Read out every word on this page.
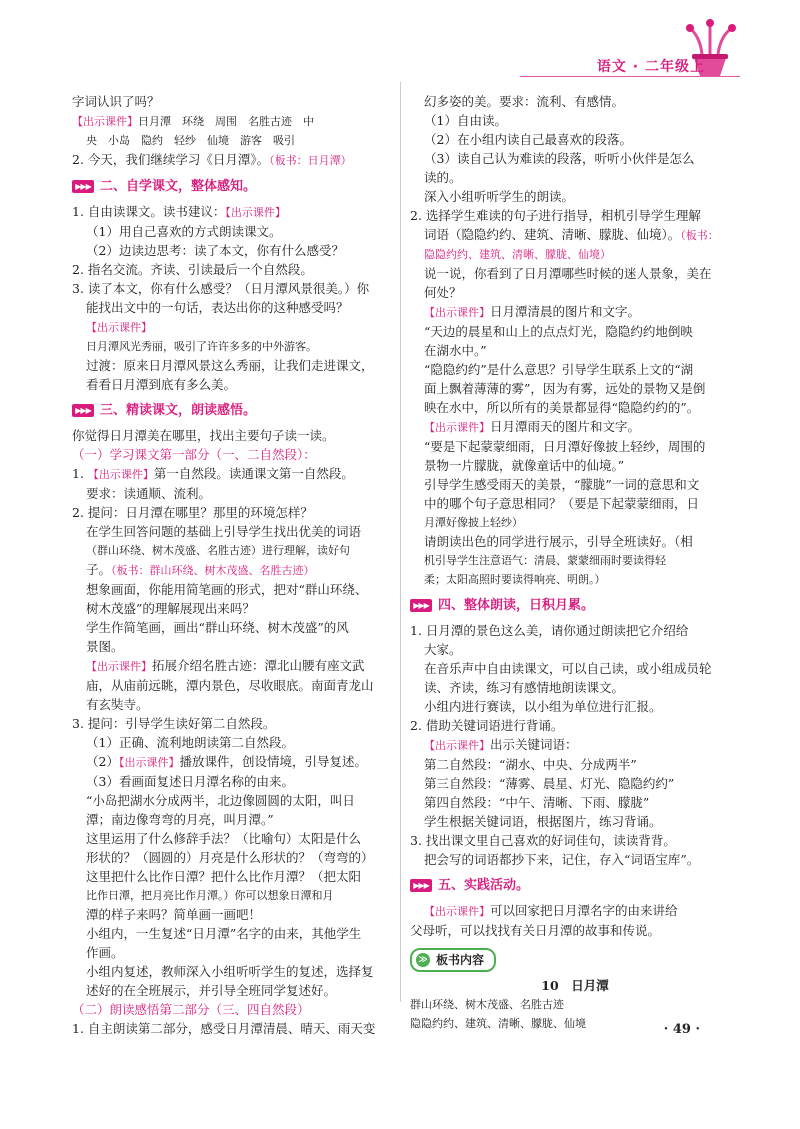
语文 · 二年级上

字词认识了吗？

【出示课件】日月潭　环绕　周围　名胜古迹　中

央　小岛　隐约　轻纱　仙境　游客　吸引

2. 今天，我们继续学习《日月潭》。（板书：日月潭）

▶▶▶ 二、自学课文，整体感知。

1. 自由读课文。读书建议：【出示课件】

（1）用自己喜欢的方式朗读课文。

（2）边读边思考：读了本文，你有什么感受？

2. 指名交流。齐读、引读最后一个自然段。

3. 读了本文，你有什么感受？（日月潭风景很美。）你

能找出文中的一句话，表达出你的这种感受吗？

【出示课件】

日月潭风光秀丽，吸引了许许多多的中外游客。

过渡：原来日月潭风景这么秀丽，让我们走进课文，

看看日月潭到底有多么美。

▶▶▶ 三、精读课文，朗读感悟。

你觉得日月潭美在哪里，找出主要句子读一读。

（一）学习课文第一部分（一、二自然段）：

1. 【出示课件】第一自然段。读通课文第一自然段。

要求：读通顺、流利。

2. 提问：日月潭在哪里？那里的环境怎样？

在学生回答问题的基础上引导学生找出优美的词语

（群山环绕、树木茂盛、名胜古迹）进行理解，读好句

子。（板书：群山环绕、树木茂盛、名胜古迹）

想象画面，你能用简笔画的形式，把对“群山环绕、

树木茂盛”的理解展现出来吗？

学生作简笔画，画出“群山环绕、树木茂盛”的风

景图。

【出示课件】拓展介绍名胜古迹：潭北山腰有座文武

庙，从庙前远眺，潭内景色，尽收眼底。南面青龙山

有玄奘寺。

3. 提问：引导学生读好第二自然段。

（1）正确、流利地朗读第二自然段。

（2）【出示课件】播放课件，创设情境，引导复述。

（3）看画面复述日月潭名称的由来。

“小岛把湖水分成两半，北边像圆圆的太阳，叫日

潭；南边像弯弯的月亮，叫月潭。”

这里运用了什么修辞手法？（比喻句）太阳是什么

形状的？（圆圆的）月亮是什么形状的？（弯弯的）

这里把什么比作日潭？把什么比作月潭？（把太阳

比作日潭，把月亮比作月潭。）你可以想象日潭和月

潭的样子来吗？简单画一画吧！

小组内，一生复述“日月潭”名字的由来，其他学生

作画。

小组内复述，教师深入小组听听学生的复述，选择复

述好的在全班展示，并引导全班同学复述好。

（二）朗读感悟第二部分（三、四自然段）

1. 自主朗读第二部分，感受日月潭清晨、晴天、雨天变

幻多姿的美。要求：流利、有感情。

（1）自由读。

（2）在小组内读自己最喜欢的段落。

（3）读自己认为难读的段落，听听小伙伴是怎么

读的。

深入小组听听学生的朗读。

2. 选择学生难读的句子进行指导，相机引导学生理解

词语（隐隐约约、建筑、清晰、朦胧、仙境）。（板书：

隐隐约约、建筑、清晰、朦胧、仙境）

说一说，你看到了日月潭哪些时候的迷人景象，美在

何处？

【出示课件】日月潭清晨的图片和文字。

“天边的晨星和山上的点点灯光，隐隐约约地倒映

在湖水中。”

“隐隐约约”是什么意思？引导学生联系上文的“湖

面上飘着薄薄的雾”，因为有雾，远处的景物又是倒

映在水中，所以所有的美景都显得“隐隐约约的”。

【出示课件】日月潭雨天的图片和文字。

“要是下起蒙蒙细雨，日月潭好像披上轻纱，周围的

景物一片朦胧，就像童话中的仙境。”

引导学生感受雨天的美景，“朦胧”一词的意思和文

中的哪个句子意思相同？（要是下起蒙蒙细雨，日

月潭好像披上轻纱）

请朗读出色的同学进行展示，引导全班读好。（相

机引导学生注意语气：清晨、蒙蒙细雨时要读得轻

柔；太阳高照时要读得响亮、明朗。）

▶▶▶ 四、整体朗读，日积月累。

1. 日月潭的景色这么美，请你通过朗读把它介绍给

大家。

在音乐声中自由读课文，可以自己读，或小组成员轮

读、齐读，练习有感情地朗读课文。

小组内进行赛读，以小组为单位进行汇报。

2. 借助关键词语进行背诵。

【出示课件】出示关键词语：

第二自然段：“湖水、中央、分成两半”

第三自然段：“薄雾、晨星、灯光、隐隐约约”

第四自然段：“中午、清晰、下雨、朦胧”

学生根据关键词语，根据图片，练习背诵。

3. 找出课文里自己喜欢的好词佳句，读读背背。

把会写的词语都抄下来，记住，存入“词语宝库”。

▶▶▶ 五、实践活动。

【出示课件】可以回家把日月潭名字的由来讲给

父母听，可以找找有关日月潭的故事和传说。

≫ 板书内容

10　日月潭

群山环绕、树木茂盛、名胜古迹

隐隐约约、建筑、清晰、朦胧、仙境	· 49 ·
